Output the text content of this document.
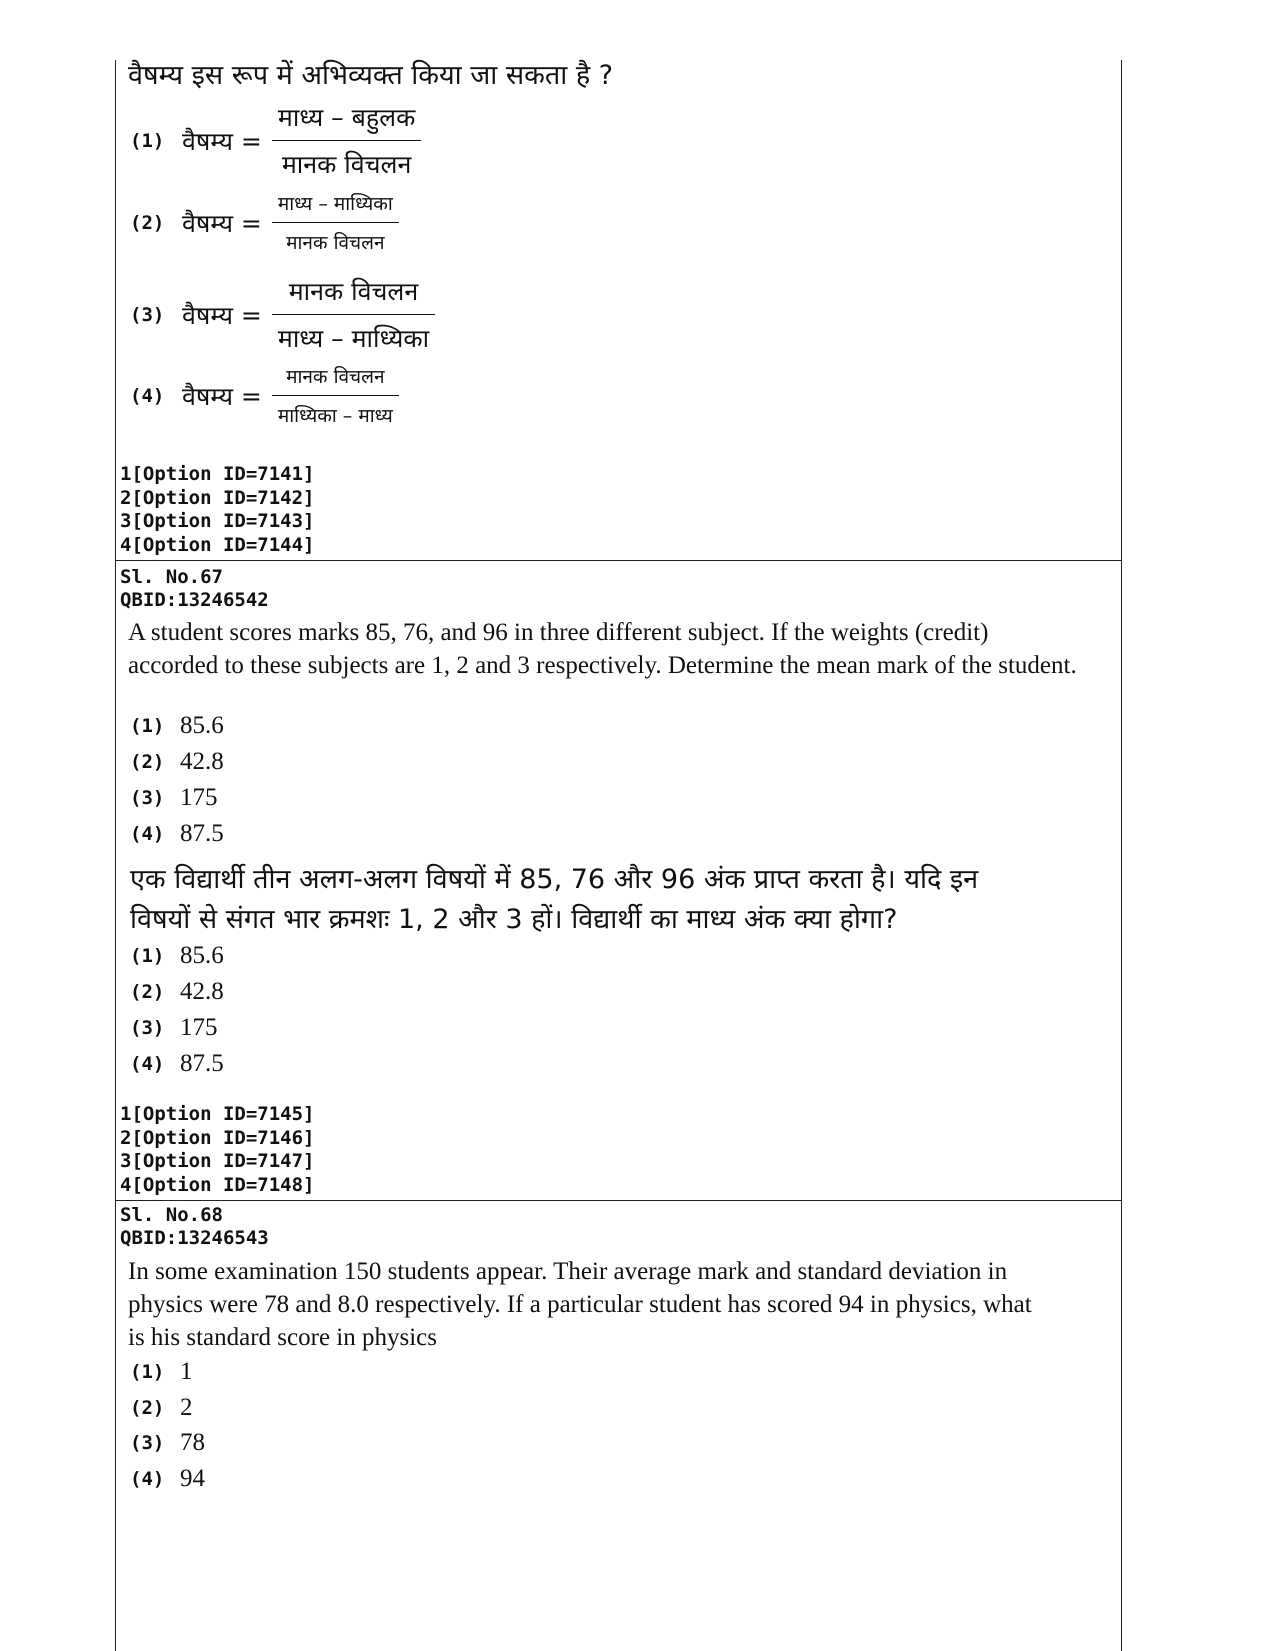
वैषम्य इस रूप में अभिव्यक्त किया जा सकता है ?
(1) वैषम्य = $\frac{\text{माध्य – बहुलक}}{\text{मानक विचलन}}$
(2) वैषम्य = $\frac{\text{माध्य – माध्यिका}}{\text{मानक विचलन}}$
(3) वैषम्य = $\frac{\text{मानक विचलन}}{\text{माध्य – माध्यिका}}$
(4) वैषम्य = $\frac{\text{मानक विचलन}}{\text{माध्यिका – माध्य}}$
1[Option ID=7141]
2[Option ID=7142]
3[Option ID=7143]
4[Option ID=7144]
Sl. No.67
QBID:13246542
A student scores marks 85, 76, and 96 in three different subject. If the weights (credit) accorded to these subjects are 1, 2 and 3 respectively. Determine the mean mark of the student.
(1) 85.6
(2) 42.8
(3) 175
(4) 87.5
एक विद्यार्थी तीन अलग-अलग विषयों में 85, 76 और 96 अंक प्राप्त करता है। यदि इन
विषयों से संगत भार क्रमशः 1, 2 और 3 हों। विद्यार्थी का माध्य अंक क्या होगा?
(1) 85.6
(2) 42.8
(3) 175
(4) 87.5
1[Option ID=7145]
2[Option ID=7146]
3[Option ID=7147]
4[Option ID=7148]
Sl. No.68
QBID:13246543
In some examination 150 students appear. Their average mark and standard deviation in physics were 78 and 8.0 respectively. If a particular student has scored 94 in physics, what is his standard score in physics
(1) 1
(2) 2
(3) 78
(4) 94
